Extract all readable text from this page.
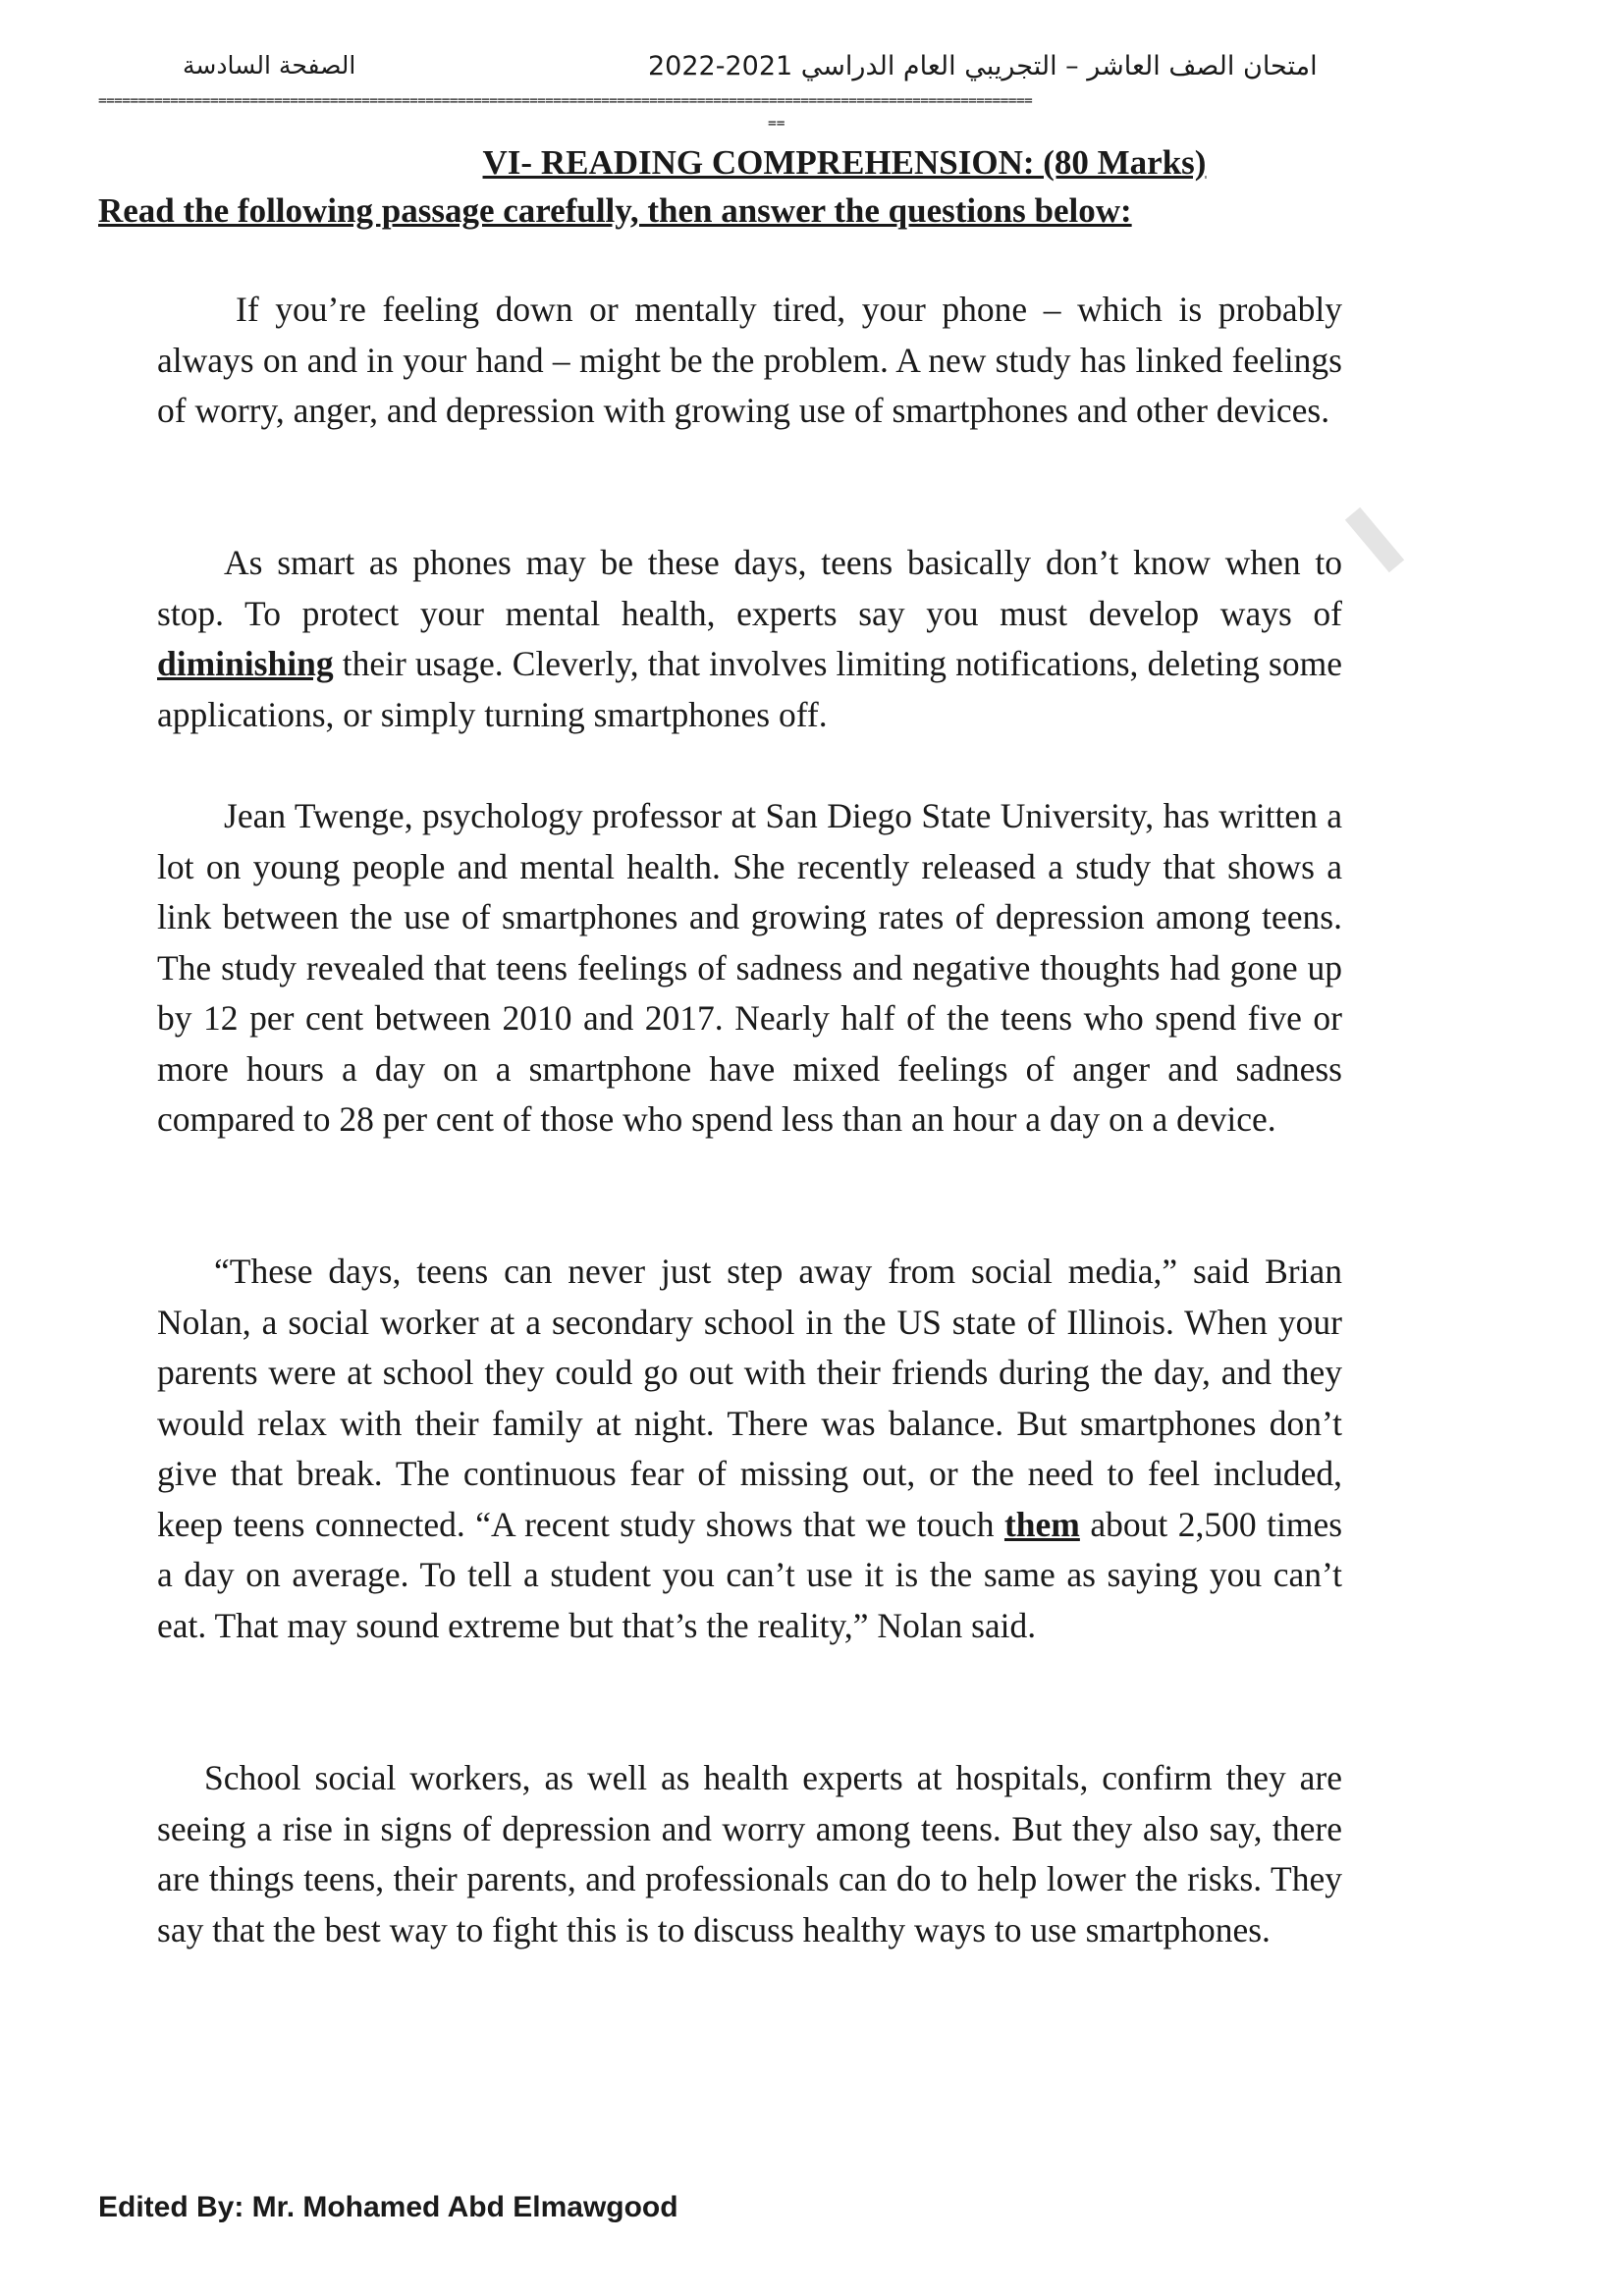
الصفحة السادسة	امتحان الصف العاشر – التجريبي العام الدراسي 2021-2022
=====================================================================================================================
==
VI- READING COMPREHENSION: (80 Marks)
Read the following passage carefully, then answer the questions below:

If you’re feeling down or mentally tired, your phone – which is probably always on and in your hand – might be the problem. A new study has linked feelings of worry, anger, and depression with growing use of smartphones and other devices.

As smart as phones may be these days, teens basically don’t know when to stop. To protect your mental health, experts say you must develop ways of diminishing their usage. Cleverly, that involves limiting notifications, deleting some applications, or simply turning smartphones off.

Jean Twenge, psychology professor at San Diego State University, has written a lot on young people and mental health. She recently released a study that shows a link between the use of smartphones and growing rates of depression among teens. The study revealed that teens feelings of sadness and negative thoughts had gone up by 12 per cent between 2010 and 2017. Nearly half of the teens who spend five or more hours a day on a smartphone have mixed feelings of anger and sadness compared to 28 per cent of those who spend less than an hour a day on a device.

“These days, teens can never just step away from social media,” said Brian Nolan, a social worker at a secondary school in the US state of Illinois. When your parents were at school they could go out with their friends during the day, and they would relax with their family at night. There was balance. But smartphones don’t give that break. The continuous fear of missing out, or the need to feel included, keep teens connected. “A recent study shows that we touch them about 2,500 times a day on average. To tell a student you can’t use it is the same as saying you can’t eat. That may sound extreme but that’s the reality,” Nolan said.

School social workers, as well as health experts at hospitals, confirm they are seeing a rise in signs of depression and worry among teens. But they also say, there are things teens, their parents, and professionals can do to help lower the risks. They say that the best way to fight this is to discuss healthy ways to use smartphones.

Edited By: Mr. Mohamed Abd Elmawgood
